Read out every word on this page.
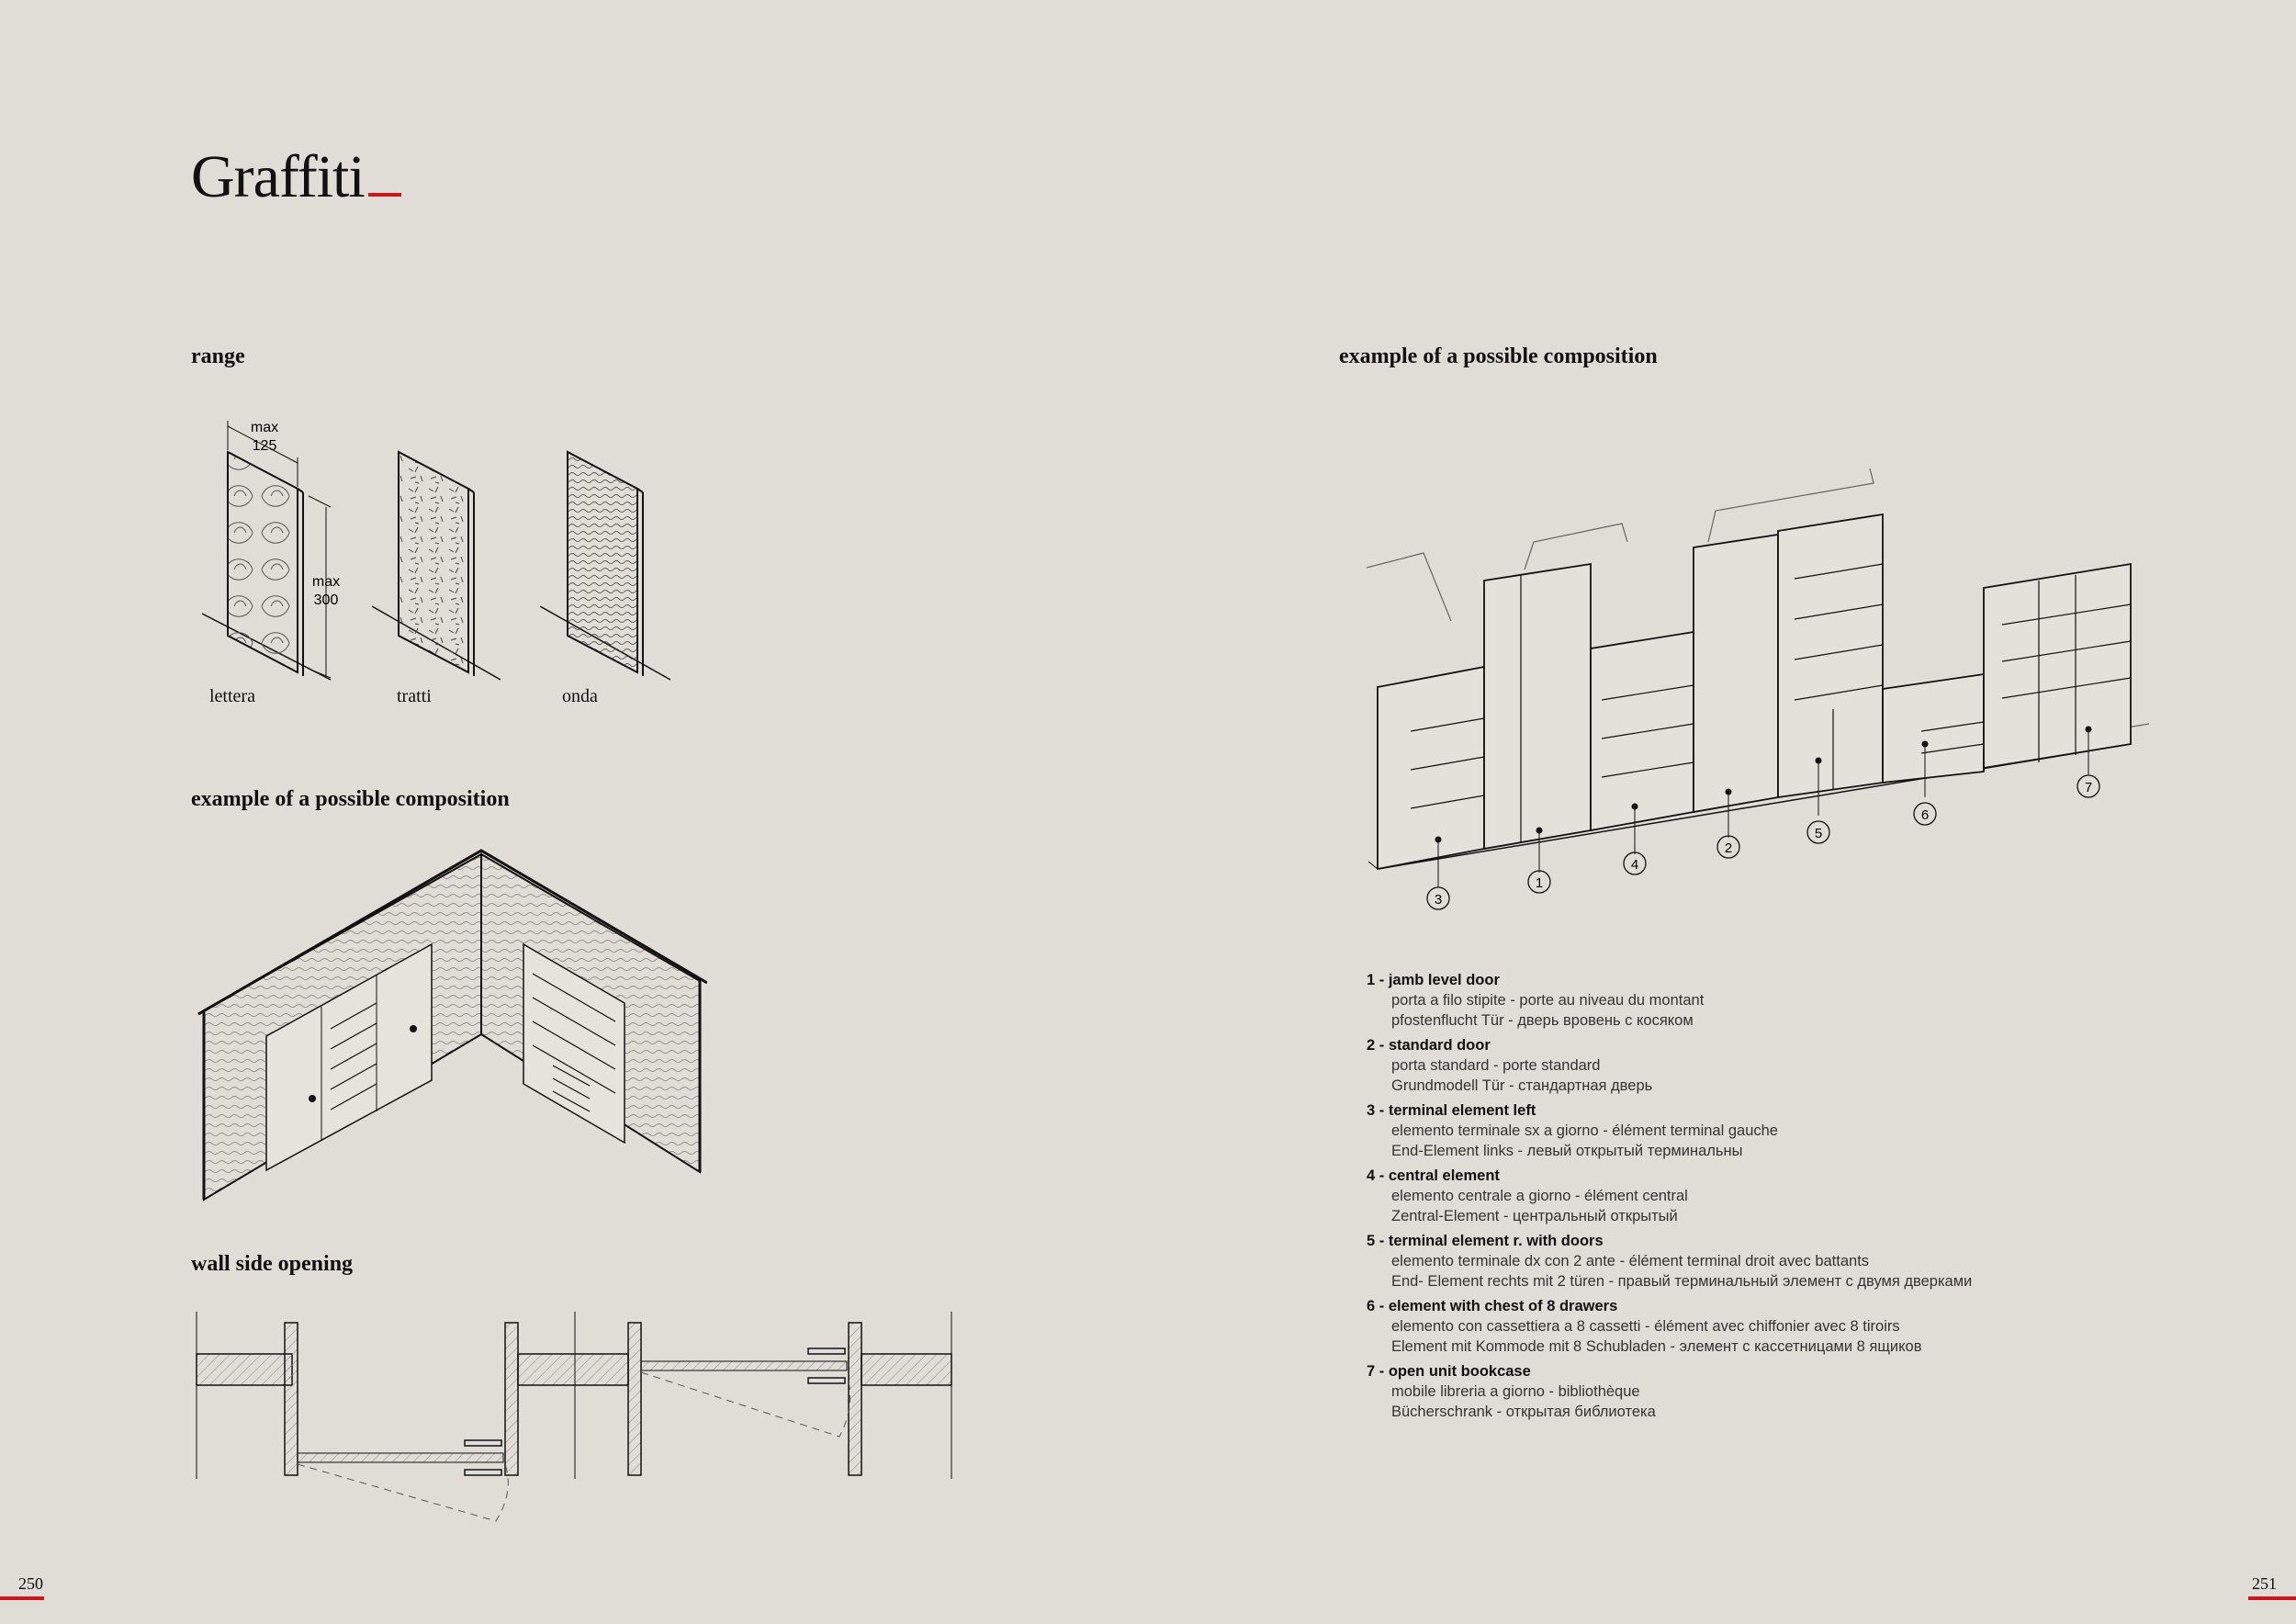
Graffiti
range
max
125
max
300
lettera	tratti	onda
example of a possible composition
wall side opening
example of a possible composition
3
1
4
2
5
6
7
1 - jamb level door
porta a filo stipite - porte au niveau du montant
pfostenflucht Tür - дверь вровень с косяком
2 - standard door
porta standard - porte standard
Grundmodell Tür - стандартная дверь
3 - terminal element left
elemento terminale sx a giorno - élément terminal gauche
End-Element links - левый открытый терминальны
4 - central element
elemento centrale a giorno - élément central
Zentral-Element - центральный открытый
5 - terminal element r. with doors
elemento terminale dx con 2 ante - élément terminal droit avec battants
End- Element rechts mit 2 türen - правый терминальный элемент с двумя дверками
6 - element with chest of 8 drawers
elemento con cassettiera a 8 cassetti - élément avec chiffonier avec 8 tiroirs
Element mit Kommode mit 8 Schubladen - элемент с кассетницами 8 ящиков
7 - open unit bookcase
mobile libreria a giorno - bibliothèque
Bücherschrank - открытая библиотека
250	251
